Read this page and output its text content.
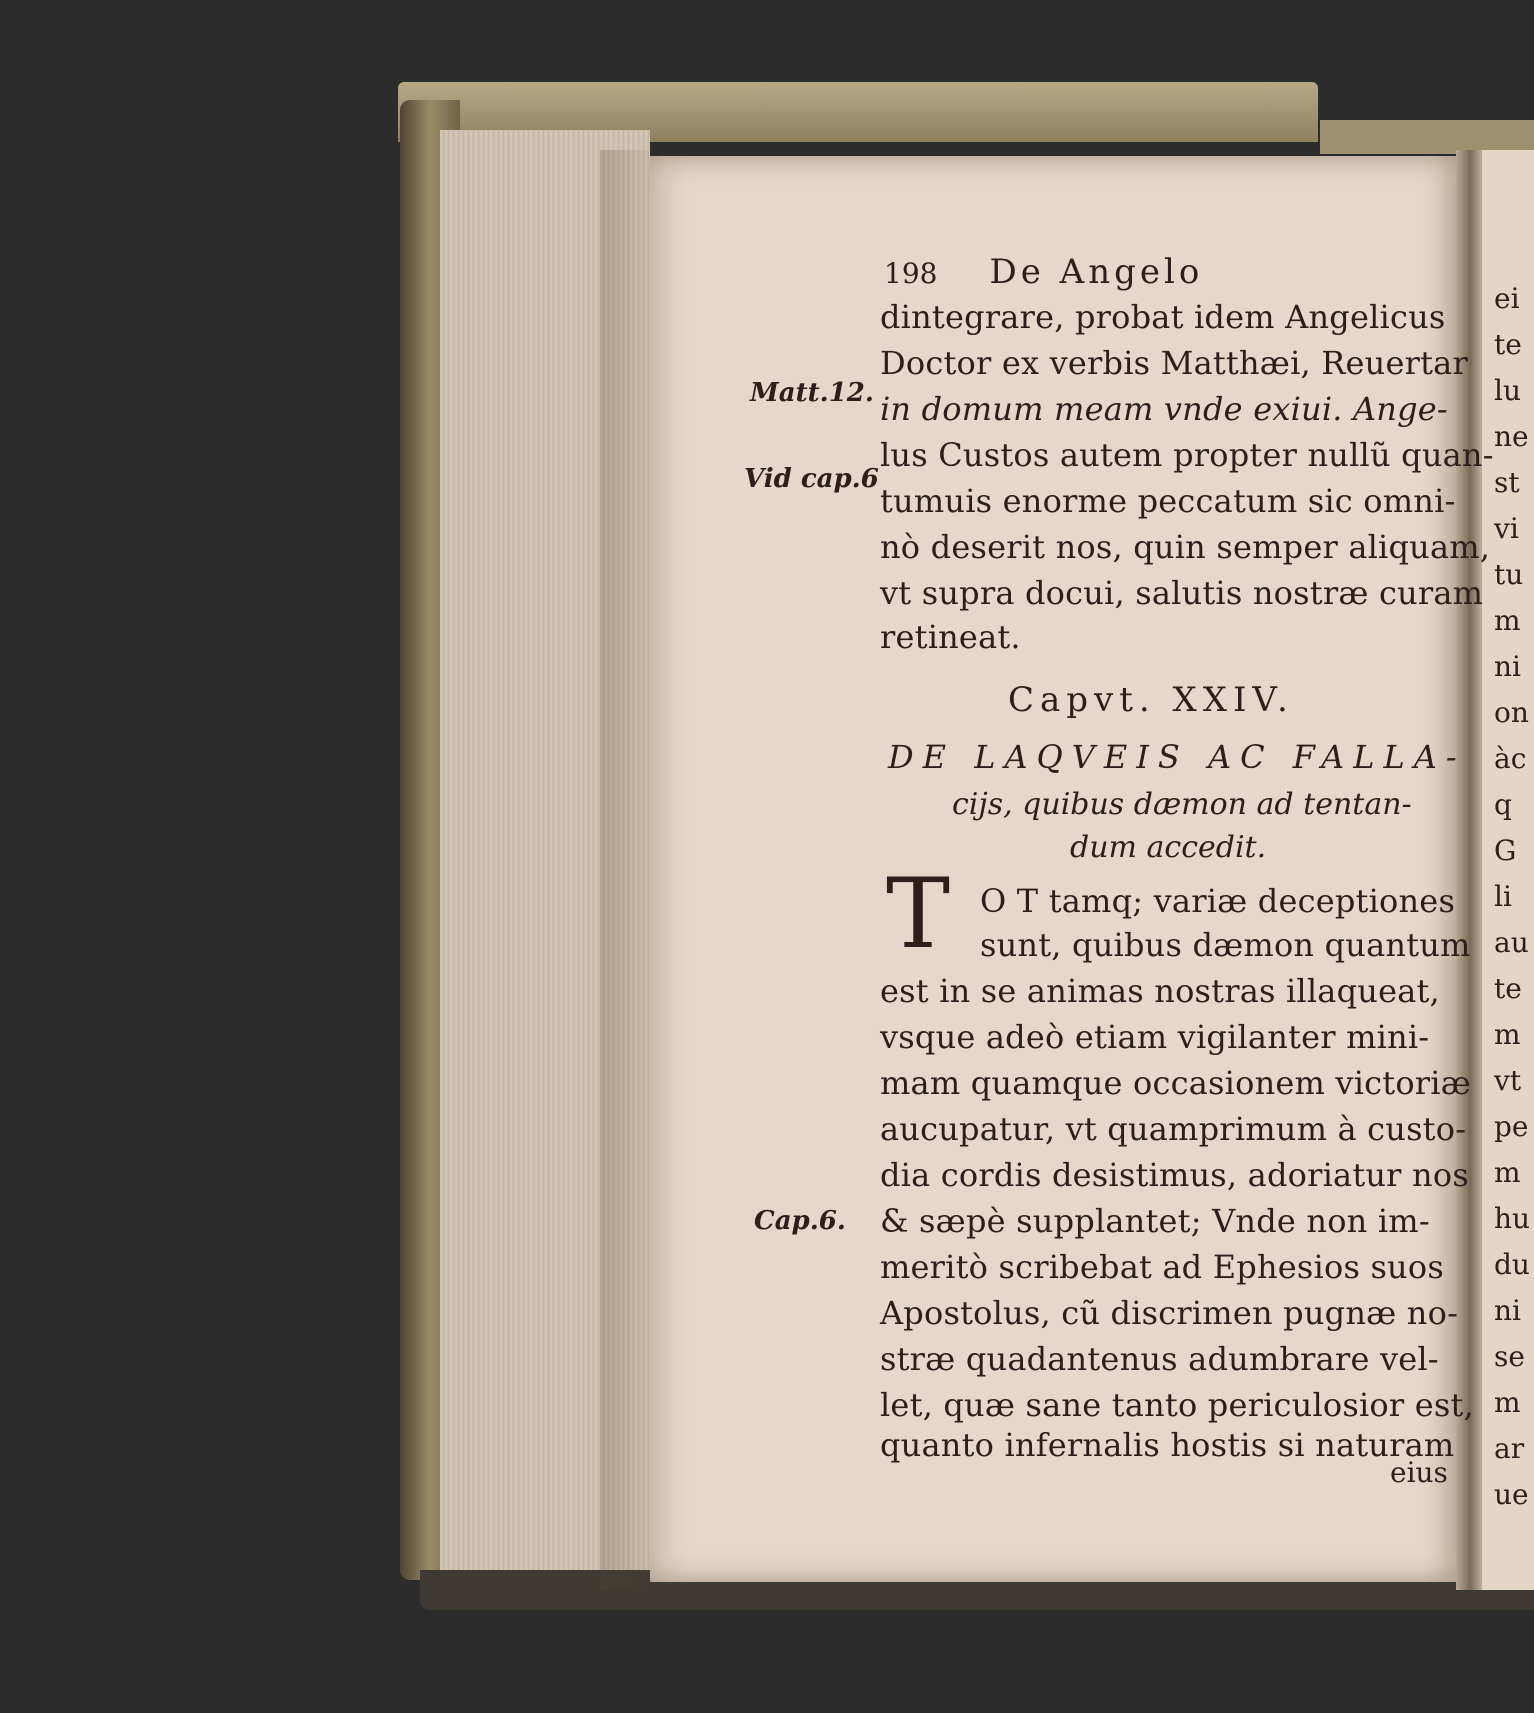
198 De Angelo
dintegrare, probat idem Angelicus
Doctor ex verbis Matthæi, Reuertar
in domum meam vnde exiui. Ange-
lus Custos autem propter nullũ quan-
tumuis enorme peccatum sic omni-
nò deserit nos, quin semper aliquam,
vt supra docui, salutis nostræ curam
retineat.
Capvt. XXIV.
DE LAQVEIS AC FALLA-
cijs, quibus dæmon ad tentan-
dum accedit.
T O T tamq; variæ deceptiones
sunt, quibus dæmon quantum
est in se animas nostras illaqueat,
vsque adeò etiam vigilanter mini-
mam quamque occasionem victoriæ
aucupatur, vt quamprimum à custo-
dia cordis desistimus, adoriatur nos
& sæpè supplantet; Vnde non im-
meritò scribebat ad Ephesios suos
Apostolus, cũ discrimen pugnæ no-
stræ quadantenus adumbrare vel-
let, quæ sane tanto periculosior est,
quanto infernalis hostis si naturam
eius
Matt.12.
Vid cap.6
Cap.6.
ei
te
lu
ne
st
vi
tu
m
ni
on
àc
q
G
li
au
te
m
vt
pe
m
hu
du
ni
se
m
ar
ue
